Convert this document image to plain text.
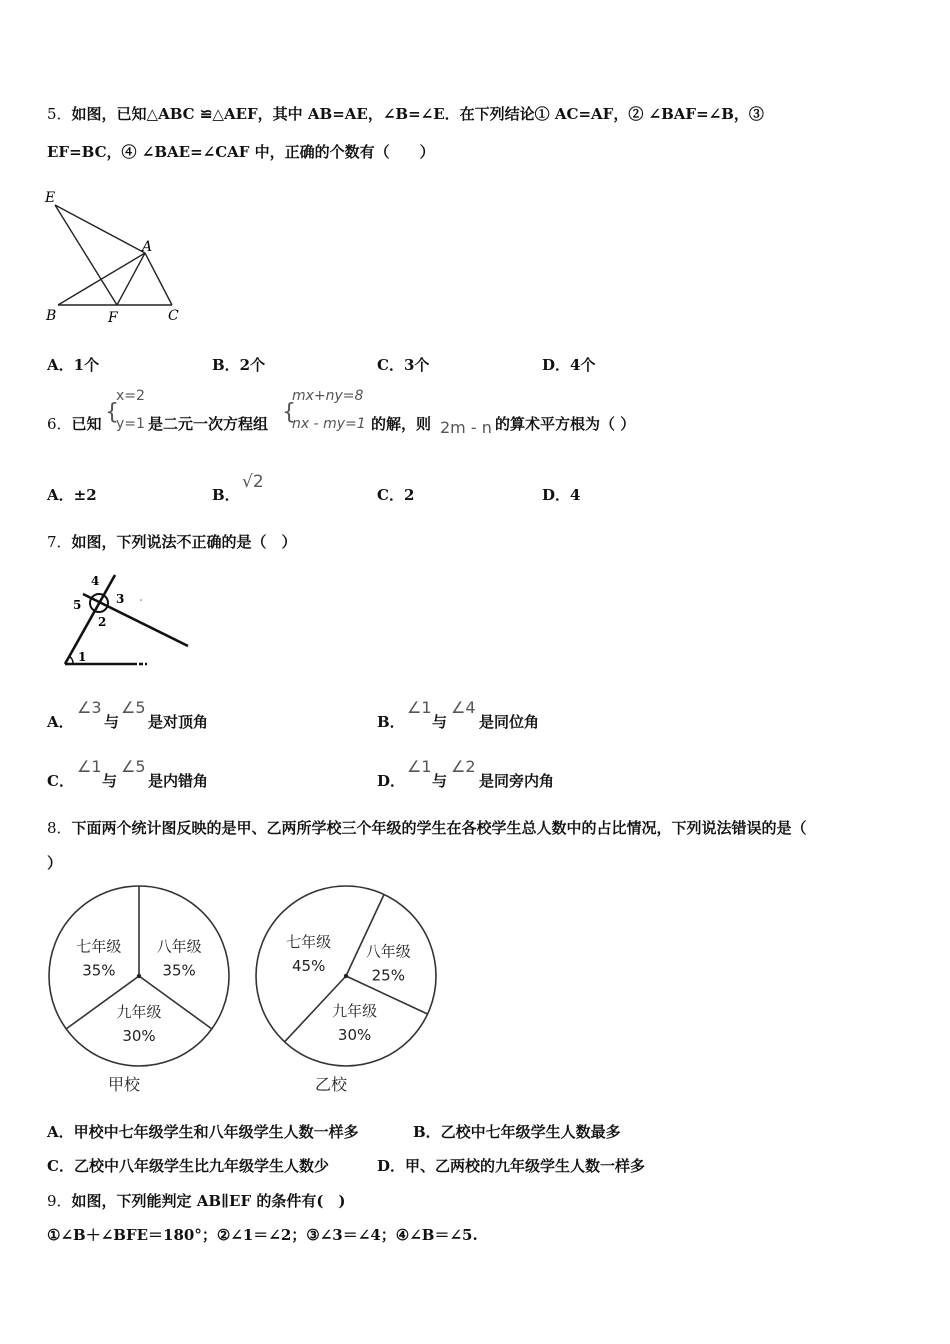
5．如图，已知△ABC ≌△AEF，其中 AB=AE，∠B=∠E．在下列结论① AC=AF，② ∠BAF=∠B，③
EF=BC，④ ∠BAE=∠CAF 中，正确的个数有（　　）
E
A
B	F	C
A．1个	B．2个	C．3个	D．4个
6．已知 {
x=2
y=1 是二元一次方程组 {
mx+ny=8
nx - my=1 的解，则 2m - n 的算术平方根为（ ）
A．±2	B．
√2
C．2	D．4
7．如图，下列说法不正确的是（　）
4
5	3
2
1
A．
∠3
与
∠5
是对顶角	B．
∠1
与
∠4
是同位角
C．
∠1
与
∠5
是内错角	D．
∠1
与
∠2
是同旁内角
8．下面两个统计图反映的是甲、乙两所学校三个年级的学生在各校学生总人数中的占比情况，下列说法错误的是（
）
八年级
35%
九年级
30%
七年级
35%
甲校
八年级
25%
九年级
30%
七年级
45%
乙校
A．甲校中七年级学生和八年级学生人数一样多	B．乙校中七年级学生人数最多
C．乙校中八年级学生比九年级学生人数少	D．甲、乙两校的九年级学生人数一样多
9．如图，下列能判定 AB∥EF 的条件有(　)
①∠B＋∠BFE＝180°；②∠1＝∠2；③∠3＝∠4；④∠B＝∠5.
